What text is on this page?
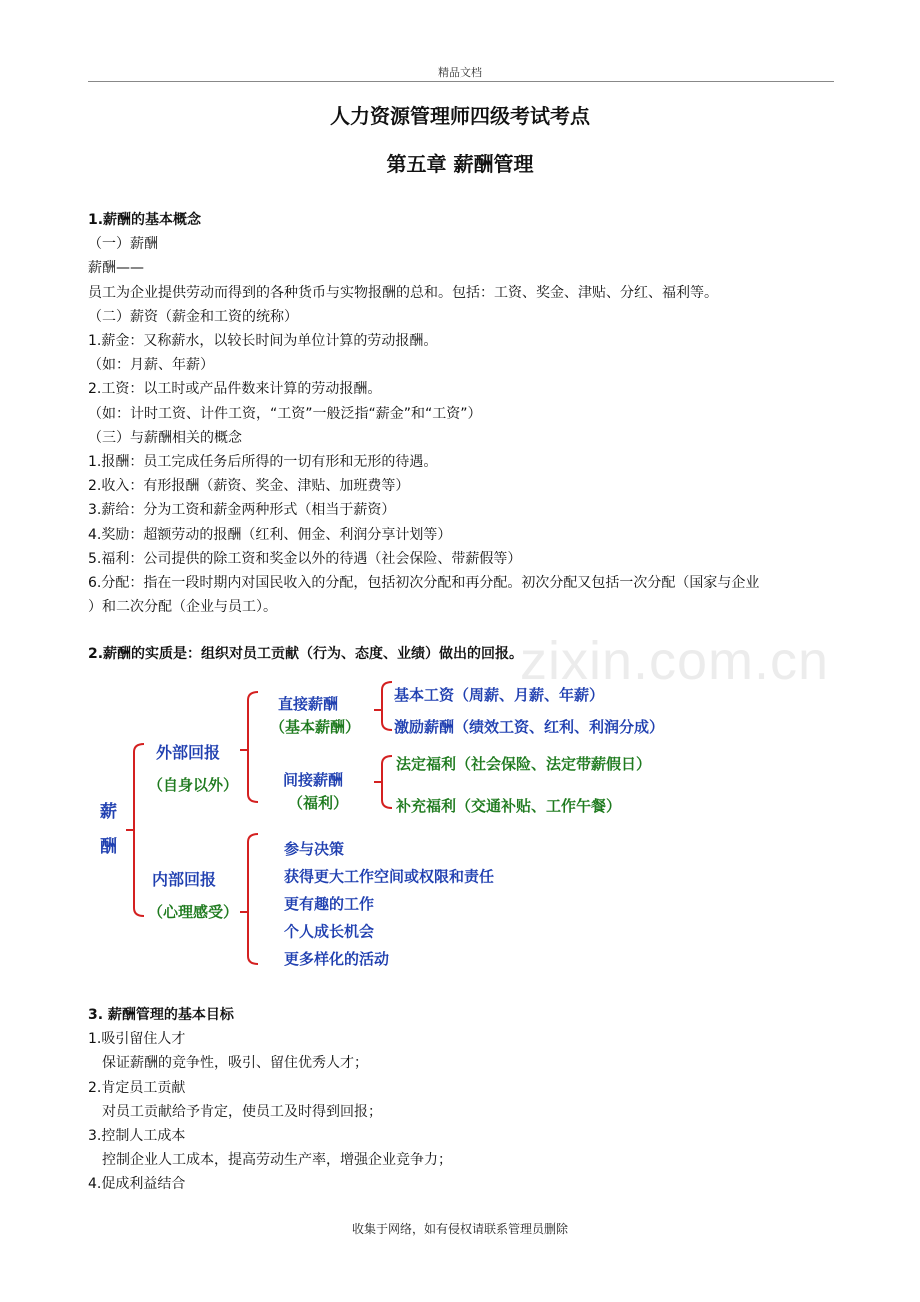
精品文档
人力资源管理师四级考试考点
第五章 薪酬管理
1.薪酬的基本概念
（一）薪酬
薪酬——
员工为企业提供劳动而得到的各种货币与实物报酬的总和。包括：工资、奖金、津贴、分红、福利等。
（二）薪资（薪金和工资的统称）
1.薪金：又称薪水，以较长时间为单位计算的劳动报酬。
（如：月薪、年薪）
2.工资：以工时或产品件数来计算的劳动报酬。
（如：计时工资、计件工资，“工资”一般泛指“薪金”和“工资”）
（三）与薪酬相关的概念
1.报酬：员工完成任务后所得的一切有形和无形的待遇。
2.收入：有形报酬（薪资、奖金、津贴、加班费等）
3.薪给：分为工资和薪金两种形式（相当于薪资）
4.奖励：超额劳动的报酬（红利、佣金、利润分享计划等）
5.福利：公司提供的除工资和奖金以外的待遇（社会保险、带薪假等）
6.分配：指在一段时期内对国民收入的分配，包括初次分配和再分配。初次分配又包括一次分配（国家与企业
）和二次分配（企业与员工）。
zixin.com.cn
2.薪酬的实质是：组织对员工贡献（行为、态度、业绩）做出的回报。
薪
酬
外部回报
（自身以外）
内部回报
（心理感受）
直接薪酬
（基本薪酬）
间接薪酬
（福利）
基本工资（周薪、月薪、年薪）
激励薪酬（绩效工资、红利、利润分成）
法定福利（社会保险、法定带薪假日）
补充福利（交通补贴、工作午餐）
参与决策
获得更大工作空间或权限和责任
更有趣的工作
个人成长机会
更多样化的活动
3. 薪酬管理的基本目标
1.吸引留住人才
保证薪酬的竞争性，吸引、留住优秀人才；
2.肯定员工贡献
对员工贡献给予肯定，使员工及时得到回报；
3.控制人工成本
控制企业人工成本，提高劳动生产率，增强企业竞争力；
4.促成利益结合
收集于网络，如有侵权请联系管理员删除
